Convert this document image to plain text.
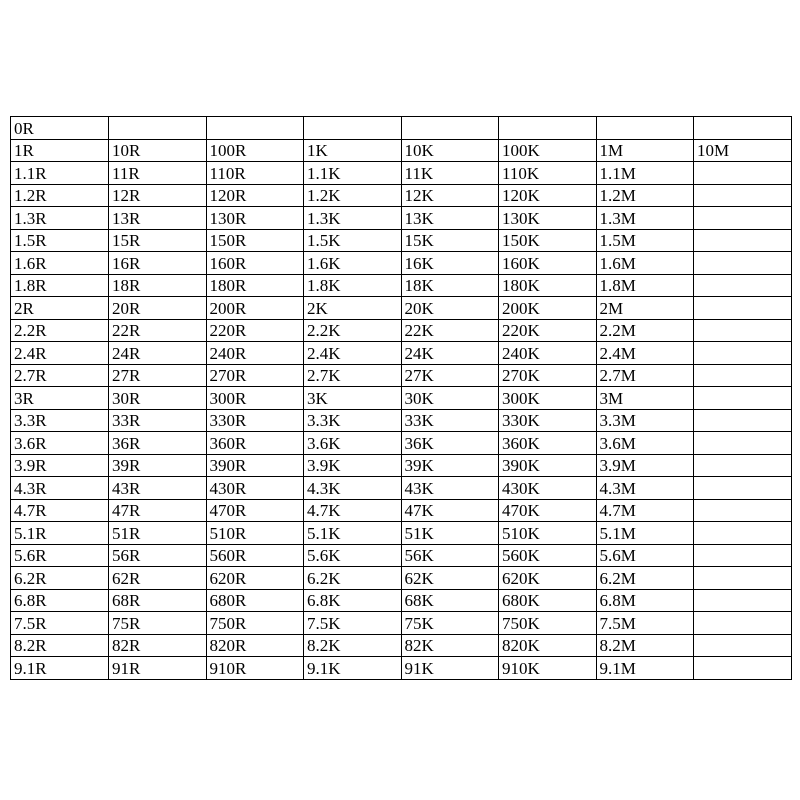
0R							
1R	10R	100R	1K	10K	100K	1M	10M
1.1R	11R	110R	1.1K	11K	110K	1.1M	
1.2R	12R	120R	1.2K	12K	120K	1.2M	
1.3R	13R	130R	1.3K	13K	130K	1.3M	
1.5R	15R	150R	1.5K	15K	150K	1.5M	
1.6R	16R	160R	1.6K	16K	160K	1.6M	
1.8R	18R	180R	1.8K	18K	180K	1.8M	
2R	20R	200R	2K	20K	200K	2M	
2.2R	22R	220R	2.2K	22K	220K	2.2M	
2.4R	24R	240R	2.4K	24K	240K	2.4M	
2.7R	27R	270R	2.7K	27K	270K	2.7M	
3R	30R	300R	3K	30K	300K	3M	
3.3R	33R	330R	3.3K	33K	330K	3.3M	
3.6R	36R	360R	3.6K	36K	360K	3.6M	
3.9R	39R	390R	3.9K	39K	390K	3.9M	
4.3R	43R	430R	4.3K	43K	430K	4.3M	
4.7R	47R	470R	4.7K	47K	470K	4.7M	
5.1R	51R	510R	5.1K	51K	510K	5.1M	
5.6R	56R	560R	5.6K	56K	560K	5.6M	
6.2R	62R	620R	6.2K	62K	620K	6.2M	
6.8R	68R	680R	6.8K	68K	680K	6.8M	
7.5R	75R	750R	7.5K	75K	750K	7.5M	
8.2R	82R	820R	8.2K	82K	820K	8.2M	
9.1R	91R	910R	9.1K	91K	910K	9.1M	
